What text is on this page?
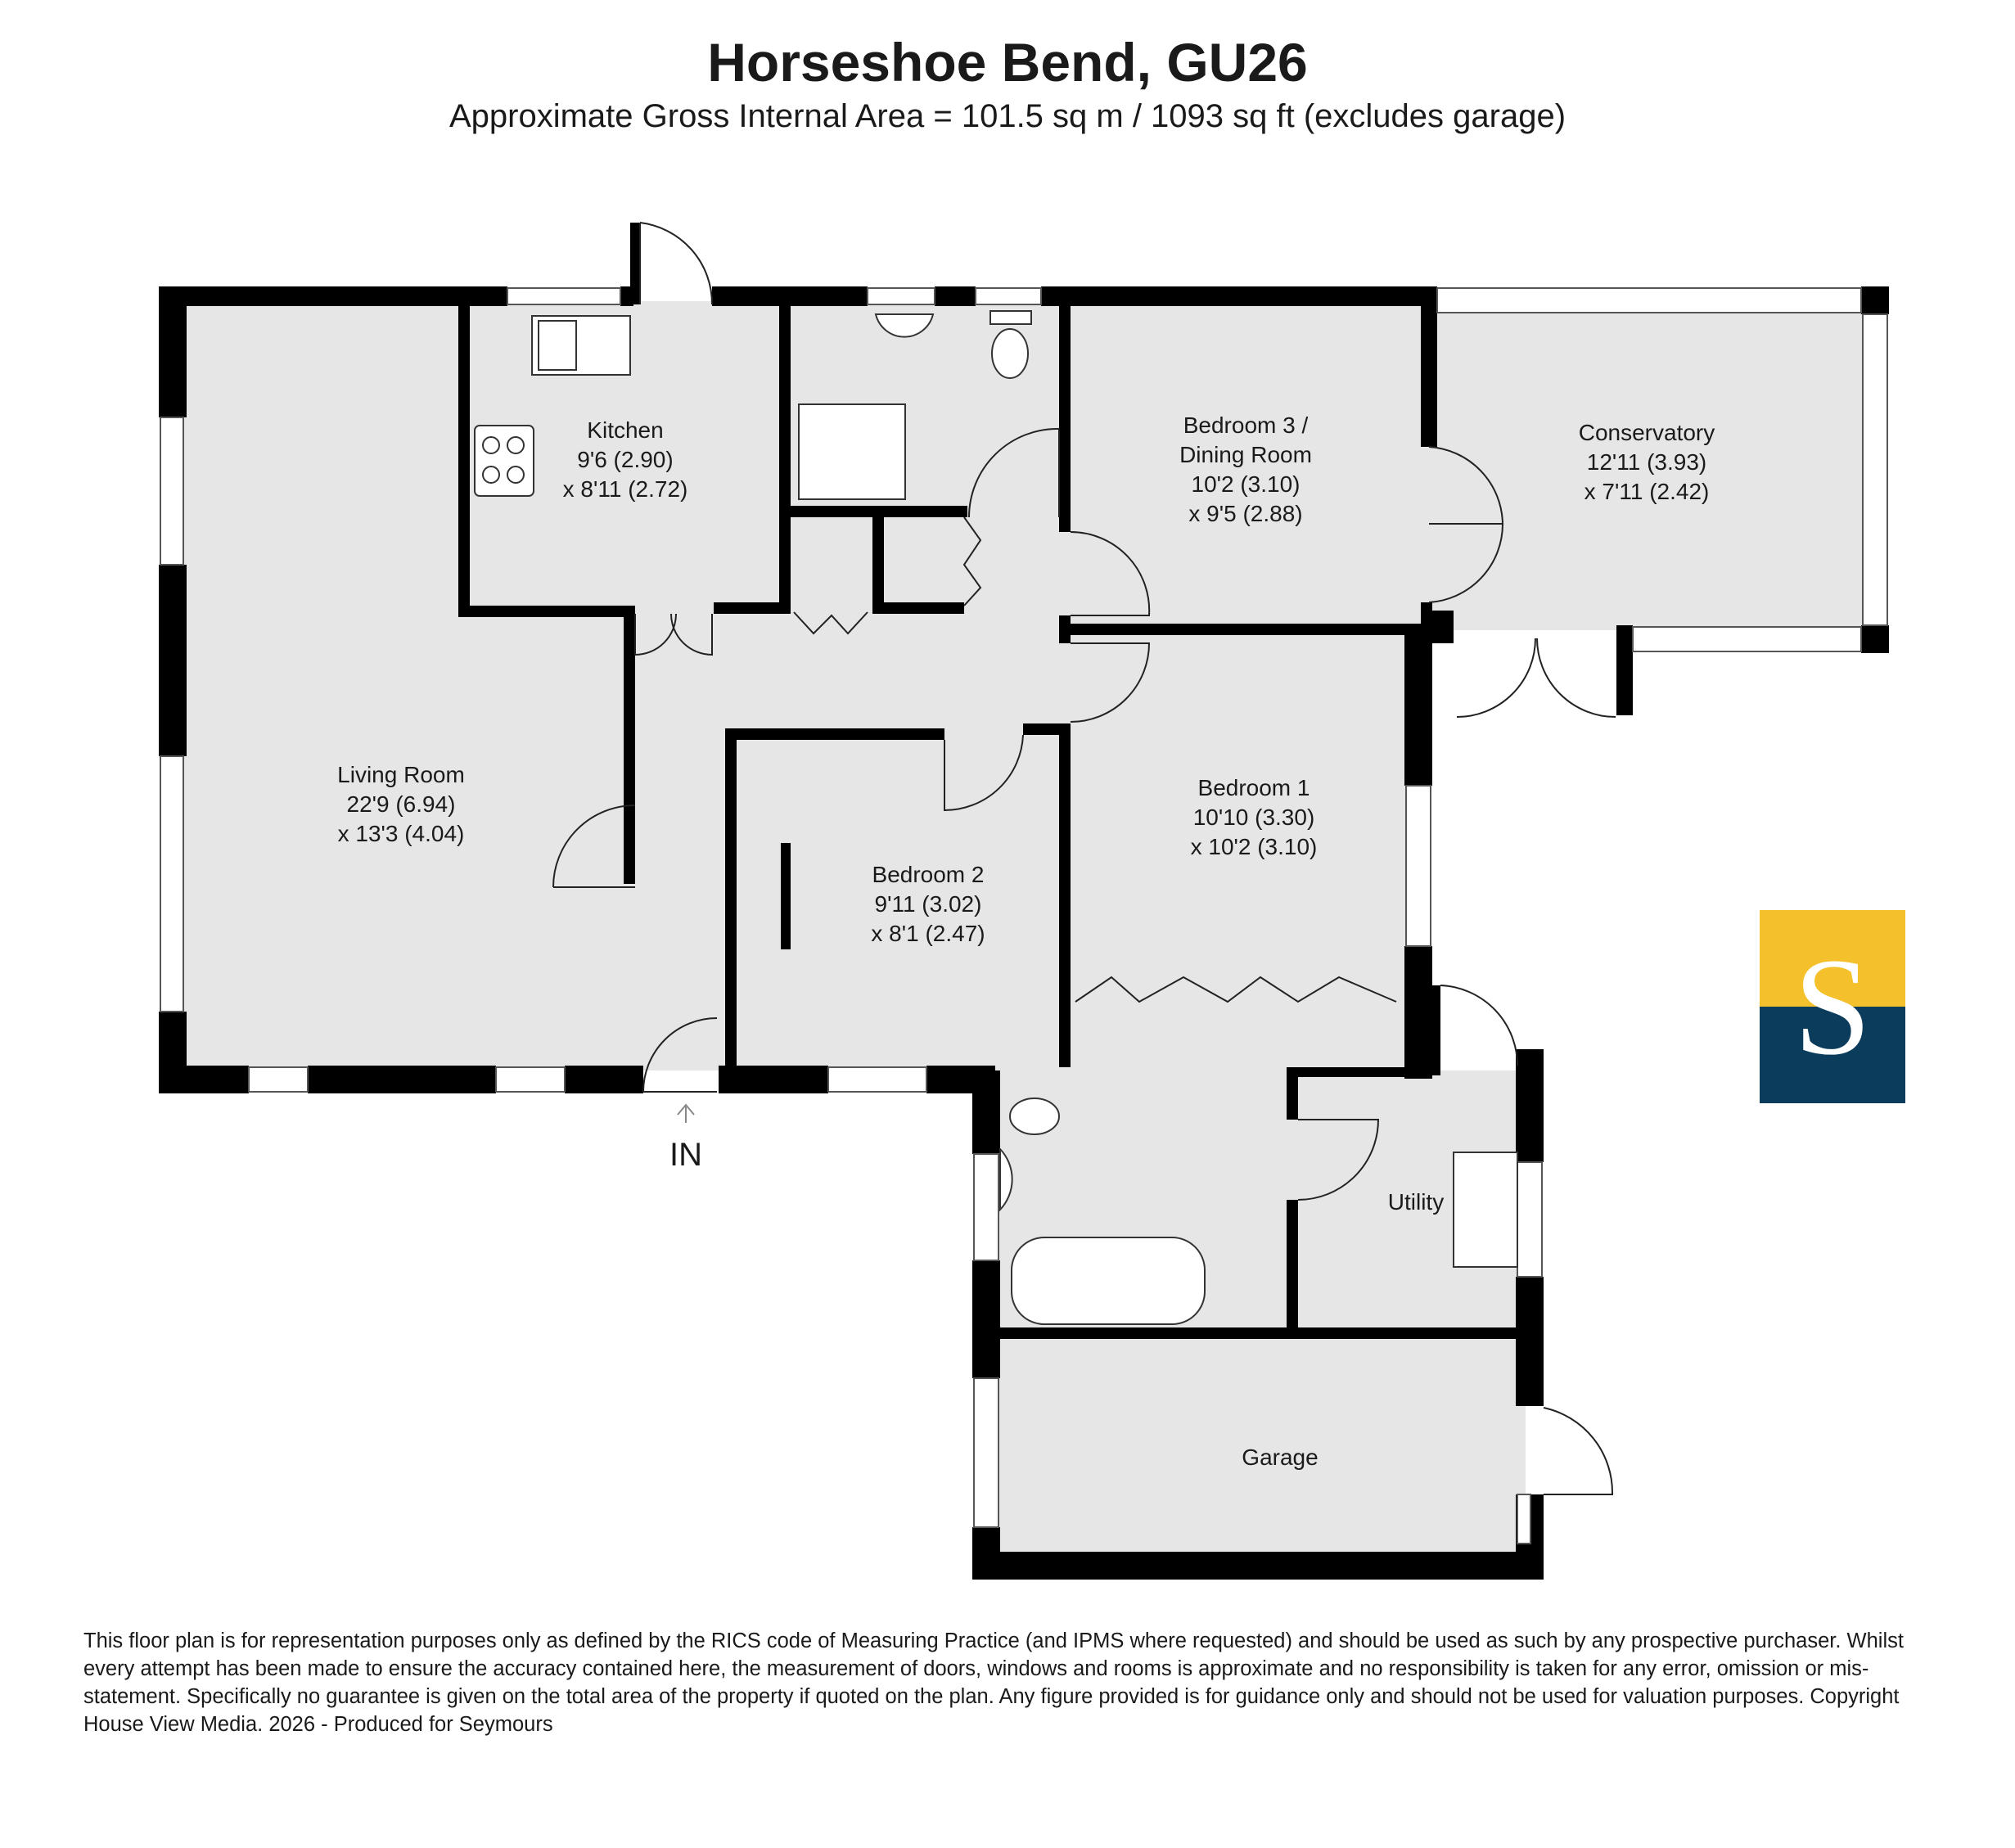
Horseshoe Bend, GU26
Approximate Gross Internal Area = 101.5 sq m / 1093 sq ft (excludes garage)
Living Room
22'9 (6.94)
x 13'3 (4.04)
Kitchen
9'6 (2.90)
x 8'11 (2.72)
Bedroom 3 /
Dining Room
10'2 (3.10)
x 9'5 (2.88)
Conservatory
12'11 (3.93)
x 7'11 (2.42)
Bedroom 1
10'10 (3.30)
x 10'2 (3.10)
Bedroom 2
9'11 (3.02)
x 8'1 (2.47)
Utility
Garage
IN
S
This floor plan is for representation purposes only as defined by the RICS code of Measuring Practice (and IPMS where requested) and should be used as such by any prospective purchaser. Whilst every attempt has been made to ensure the accuracy contained here, the measurement of doors, windows and rooms is approximate and no responsibility is taken for any error, omission or mis-statement. Specifically no guarantee is given on the total area of the property if quoted on the plan. Any figure provided is for guidance only and should not be used for valuation purposes. Copyright House View Media. 2026 - Produced for Seymours
